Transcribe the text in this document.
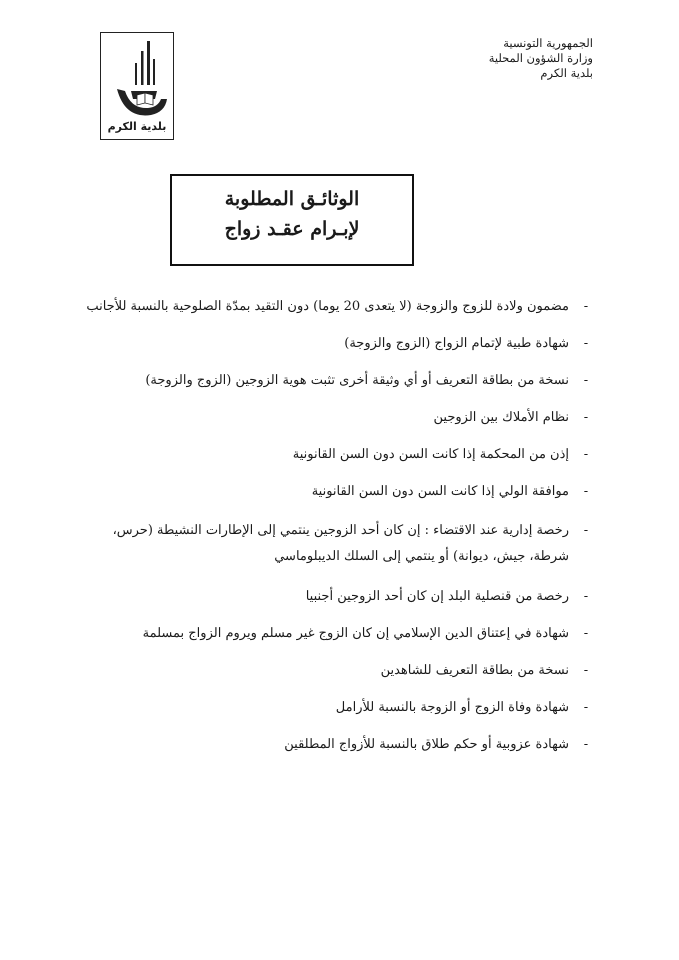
بلدية الكرم
الجمهورية التونسية
وزارة الشؤون المحلية
بلدية الكرم
الوثائـق المطلوبة
لإبـرام عقـد زواج
-
مضمون ولادة للزوج والزوجة (لا يتعدى 20 يوما) دون التقيد بمدّة الصلوحية بالنسبة للأجانب
-
شهادة طبية لإتمام الزواج (الزوج والزوجة)
-
نسخة من بطاقة التعريف أو أي وثيقة أخرى تثبت هوية الزوجين (الزوج والزوجة)
-
نظام الأملاك بين الزوجين
-
إذن من المحكمة إذا كانت السن دون السن القانونية
-
موافقة الولي إذا كانت السن دون السن القانونية
-
رخصة إدارية عند الاقتضاء : إن كان أحد الزوجين ينتمي إلى الإطارات النشيطة (حرس، شرطة، جيش، ديوانة) أو ينتمي إلى السلك الديبلوماسي
-
رخصة من قنصلية البلد إن كان أحد الزوجين أجنبيا
-
شهادة في إعتناق الدين الإسلامي إن كان الزوج غير مسلم ويروم الزواج بمسلمة
-
نسخة من بطاقة التعريف للشاهدين
-
شهادة وفاة الزوج أو الزوجة بالنسبة للأرامل
-
شهادة عزوبية أو حكم طلاق بالنسبة للأزواج المطلقين
